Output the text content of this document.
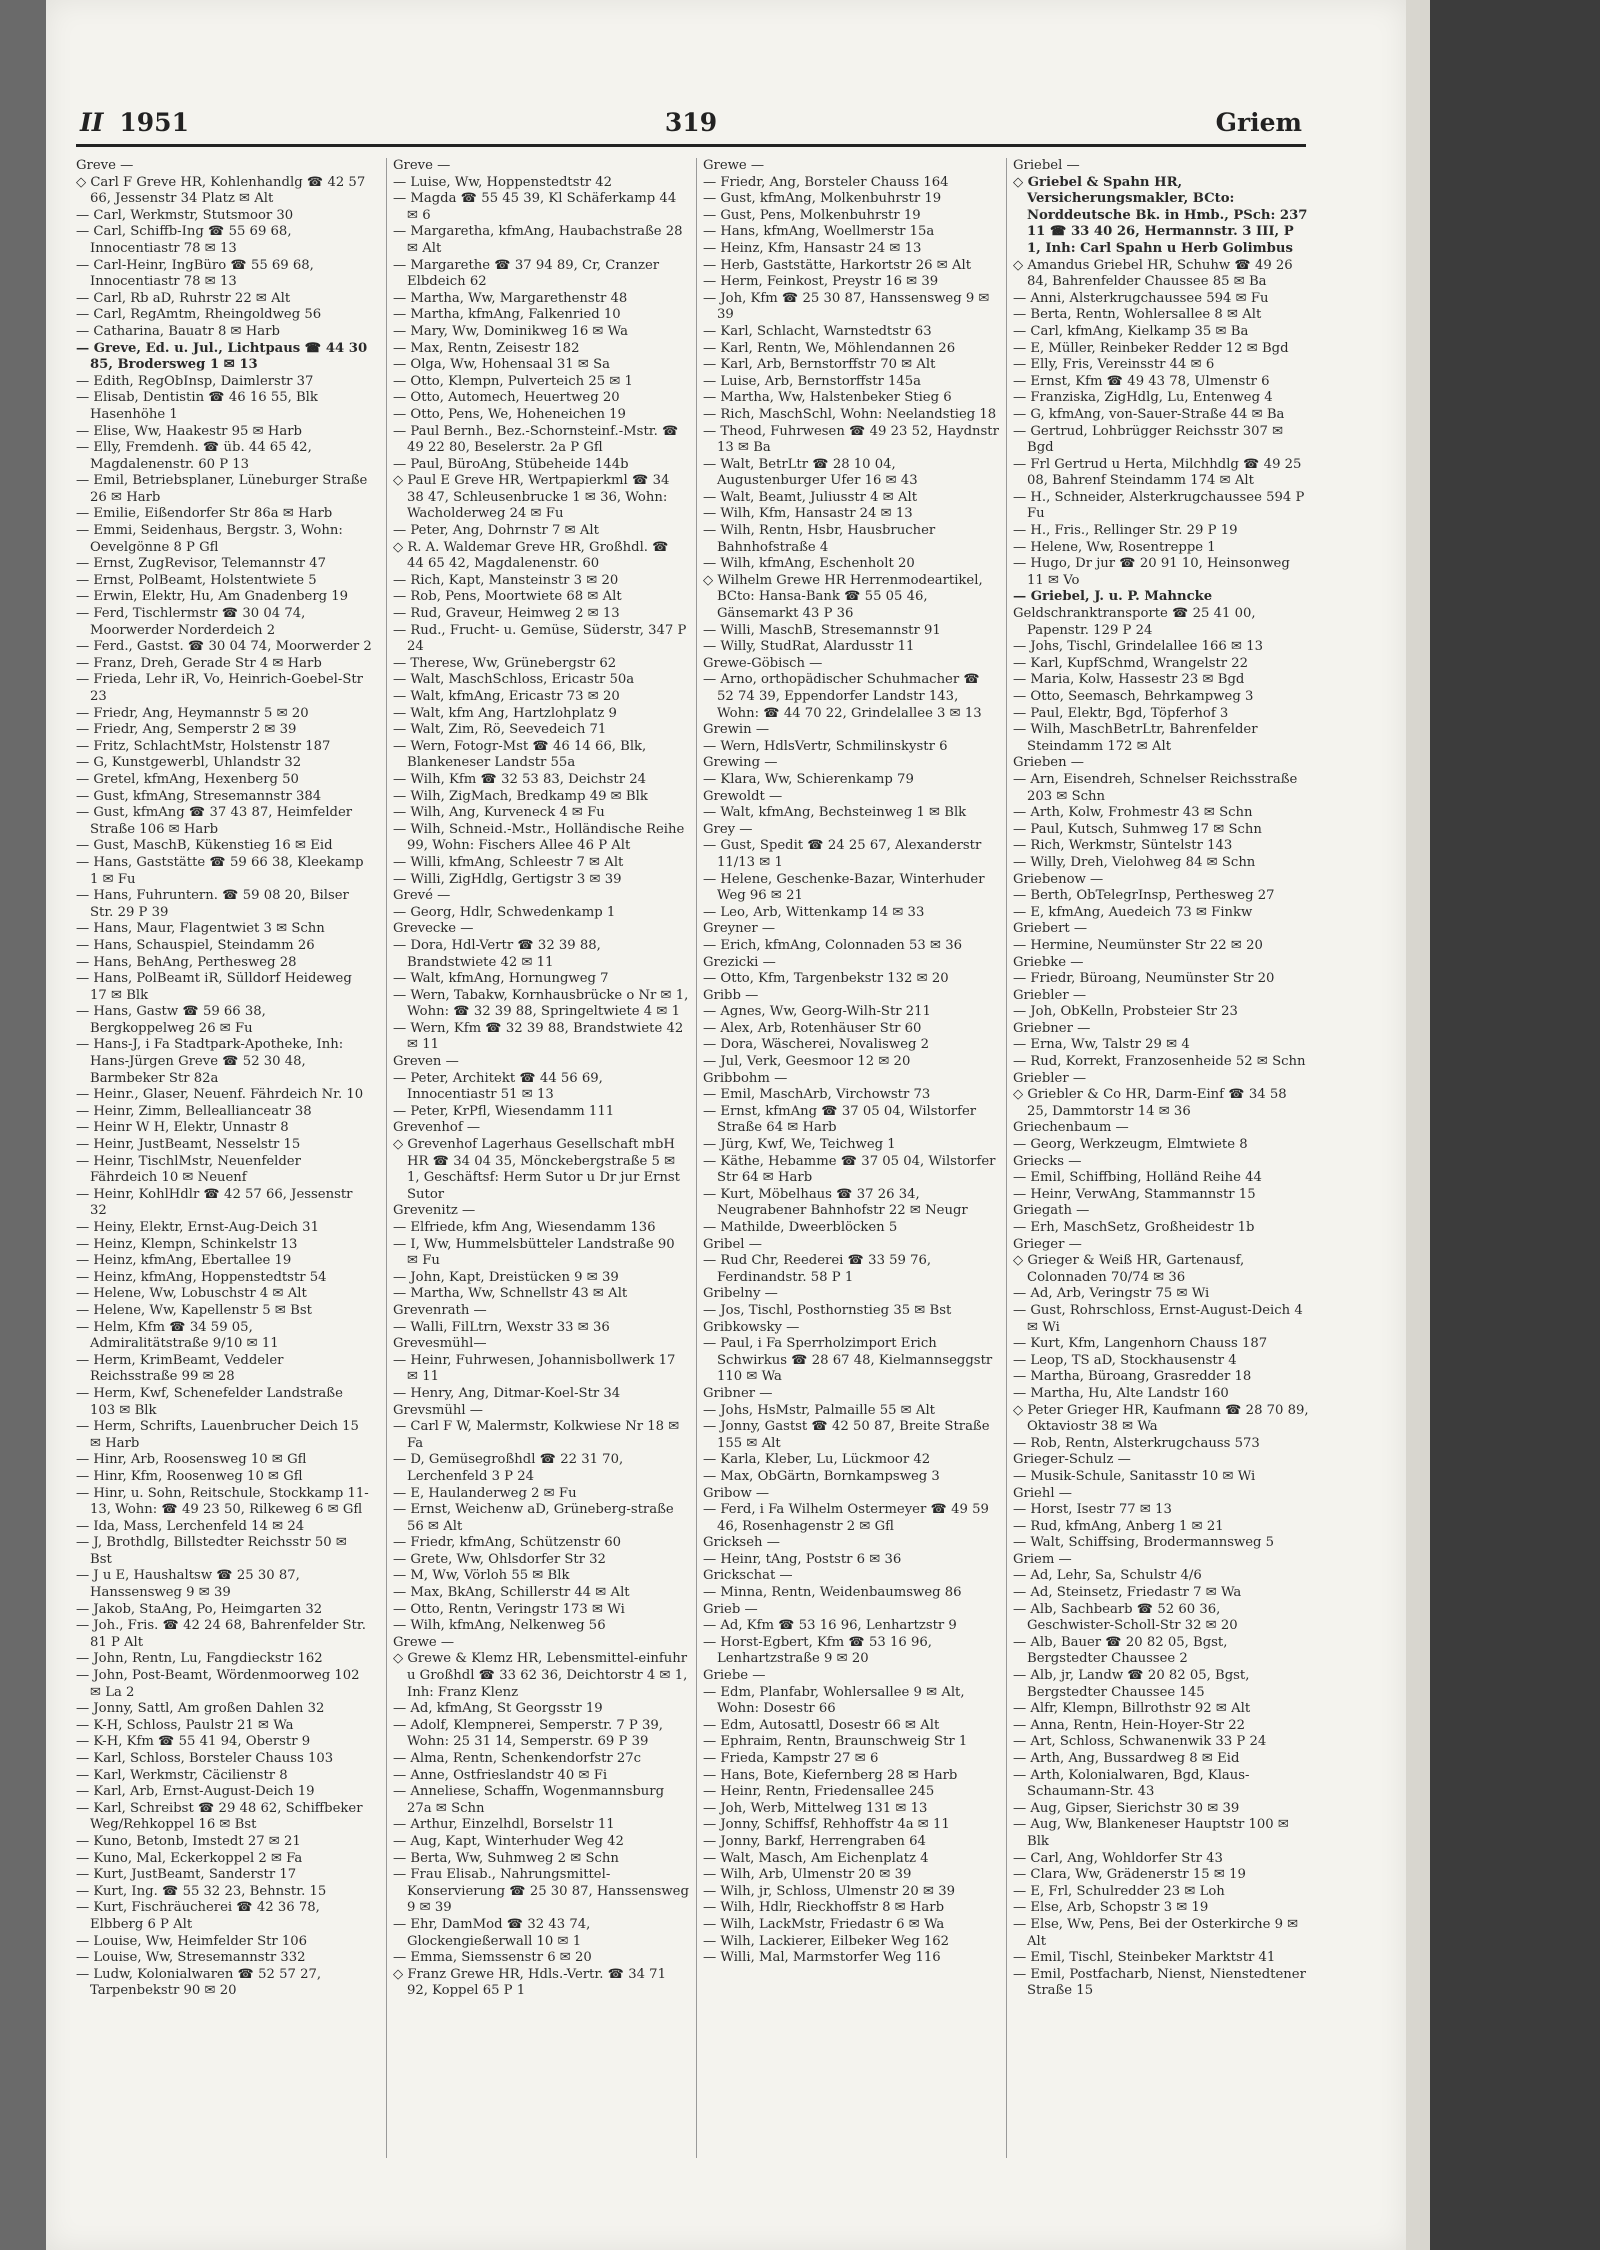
II 1951	319	Griem

Greve —

◇ Carl F Greve HR, Kohlenhandlg ☎ 42 57 66, Jessenstr 34 Platz ✉ Alt

— Carl, Werkmstr, Stutsmoor 30

— Carl, Schiffb-Ing ☎ 55 69 68, Innocentiastr 78 ✉ 13

— Carl-Heinr, IngBüro ☎ 55 69 68, Innocentiastr 78 ✉ 13

— Carl, Rb aD, Ruhrstr 22 ✉ Alt

— Carl, RegAmtm, Rheingoldweg 56

— Catharina, Bauatr 8 ✉ Harb

— Greve, Ed. u. Jul., Lichtpaus ☎ 44 30 85, Brodersweg 1 ✉ 13

— Edith, RegObInsp, Daimlerstr 37

— Elisab, Dentistin ☎ 46 16 55, Blk Hasenhöhe 1

— Elise, Ww, Haakestr 95 ✉ Harb

— Elly, Fremdenh. ☎ üb. 44 65 42, Magdalenenstr. 60 P 13

— Emil, Betriebsplaner, Lüneburger Straße 26 ✉ Harb

— Emilie, Eißendorfer Str 86a ✉ Harb

— Emmi, Seidenhaus, Bergstr. 3, Wohn: Oevelgönne 8 P Gfl

— Ernst, ZugRevisor, Telemannstr 47

— Ernst, PolBeamt, Holstentwiete 5

— Erwin, Elektr, Hu, Am Gnadenberg 19

— Ferd, Tischlermstr ☎ 30 04 74, Moorwerder Norderdeich 2

— Ferd., Gastst. ☎ 30 04 74, Moorwerder 2

— Franz, Dreh, Gerade Str 4 ✉ Harb

— Frieda, Lehr iR, Vo, Heinrich-Goebel-Str 23

— Friedr, Ang, Heymannstr 5 ✉ 20

— Friedr, Ang, Semperstr 2 ✉ 39

— Fritz, SchlachtMstr, Holstenstr 187

— G, Kunstgewerbl, Uhlandstr 32

— Gretel, kfmAng, Hexenberg 50

— Gust, kfmAng, Stresemannstr 384

— Gust, kfmAng ☎ 37 43 87, Heimfelder Straße 106 ✉ Harb

— Gust, MaschB, Kükenstieg 16 ✉ Eid

— Hans, Gaststätte ☎ 59 66 38, Kleekamp 1 ✉ Fu

— Hans, Fuhruntern. ☎ 59 08 20, Bilser Str. 29 P 39

— Hans, Maur, Flagentwiet 3 ✉ Schn

— Hans, Schauspiel, Steindamm 26

— Hans, BehAng, Perthesweg 28

— Hans, PolBeamt iR, Sülldorf Heideweg 17 ✉ Blk

— Hans, Gastw ☎ 59 66 38, Bergkoppelweg 26 ✉ Fu

— Hans-J, i Fa Stadtpark-Apotheke, Inh: Hans-Jürgen Greve ☎ 52 30 48, Barmbeker Str 82a

— Heinr., Glaser, Neuenf. Fährdeich Nr. 10

— Heinr, Zimm, Belleallianceatr 38

— Heinr W H, Elektr, Unnastr 8

— Heinr, JustBeamt, Nesselstr 15

— Heinr, TischlMstr, Neuenfelder Fährdeich 10 ✉ Neuenf

— Heinr, KohlHdlr ☎ 42 57 66, Jessenstr 32

— Heiny, Elektr, Ernst-Aug-Deich 31

— Heinz, Klempn, Schinkelstr 13

— Heinz, kfmAng, Ebertallee 19

— Heinz, kfmAng, Hoppenstedtstr 54

— Helene, Ww, Lobuschstr 4 ✉ Alt

— Helene, Ww, Kapellenstr 5 ✉ Bst

— Helm, Kfm ☎ 34 59 05, Admiralitätstraße 9/10 ✉ 11

— Herm, KrimBeamt, Veddeler Reichsstraße 99 ✉ 28

— Herm, Kwf, Schenefelder Landstraße 103 ✉ Blk

— Herm, Schrifts, Lauenbrucher Deich 15 ✉ Harb

— Hinr, Arb, Roosensweg 10 ✉ Gfl

— Hinr, Kfm, Roosenweg 10 ✉ Gfl

— Hinr, u. Sohn, Reitschule, Stockkamp 11-13, Wohn: ☎ 49 23 50, Rilkeweg 6 ✉ Gfl

— Ida, Mass, Lerchenfeld 14 ✉ 24

— J, Brothdlg, Billstedter Reichsstr 50 ✉ Bst

— J u E, Haushaltsw ☎ 25 30 87, Hanssensweg 9 ✉ 39

— Jakob, StaAng, Po, Heimgarten 32

— Joh., Fris. ☎ 42 24 68, Bahrenfelder Str. 81 P Alt

— John, Rentn, Lu, Fangdieckstr 162

— John, Post-Beamt, Wördenmoorweg 102 ✉ La 2

— Jonny, Sattl, Am großen Dahlen 32

— K-H, Schloss, Paulstr 21 ✉ Wa

— K-H, Kfm ☎ 55 41 94, Oberstr 9

— Karl, Schloss, Borsteler Chauss 103

— Karl, Werkmstr, Cäcilienstr 8

— Karl, Arb, Ernst-August-Deich 19

— Karl, Schreibst ☎ 29 48 62, Schiffbeker Weg/Rehkoppel 16 ✉ Bst

— Kuno, Betonb, Imstedt 27 ✉ 21

— Kuno, Mal, Eckerkoppel 2 ✉ Fa

— Kurt, JustBeamt, Sanderstr 17

— Kurt, Ing. ☎ 55 32 23, Behnstr. 15

— Kurt, Fischräucherei ☎ 42 36 78, Elbberg 6 P Alt

— Louise, Ww, Heimfelder Str 106

— Louise, Ww, Stresemannstr 332

— Ludw, Kolonialwaren ☎ 52 57 27, Tarpenbekstr 90 ✉ 20

Greve —

— Luise, Ww, Hoppenstedtstr 42

— Magda ☎ 55 45 39, Kl Schäferkamp 44 ✉ 6

— Margaretha, kfmAng, Haubachstraße 28 ✉ Alt

— Margarethe ☎ 37 94 89, Cr, Cranzer Elbdeich 62

— Martha, Ww, Margarethenstr 48

— Martha, kfmAng, Falkenried 10

— Mary, Ww, Dominikweg 16 ✉ Wa

— Max, Rentn, Zeisestr 182

— Olga, Ww, Hohensaal 31 ✉ Sa

— Otto, Klempn, Pulverteich 25 ✉ 1

— Otto, Automech, Heuertweg 20

— Otto, Pens, We, Hoheneichen 19

— Paul Bernh., Bez.-Schornsteinf.-Mstr. ☎ 49 22 80, Beselerstr. 2a P Gfl

— Paul, BüroAng, Stübeheide 144b

◇ Paul E Greve HR, Wertpapierkml ☎ 34 38 47, Schleusenbrucke 1 ✉ 36, Wohn: Wacholderweg 24 ✉ Fu

— Peter, Ang, Dohrnstr 7 ✉ Alt

◇ R. A. Waldemar Greve HR, Großhdl. ☎ 44 65 42, Magdalenenstr. 60

— Rich, Kapt, Mansteinstr 3 ✉ 20

— Rob, Pens, Moortwiete 68 ✉ Alt

— Rud, Graveur, Heimweg 2 ✉ 13

— Rud., Frucht- u. Gemüse, Süderstr, 347 P 24

— Therese, Ww, Grünebergstr 62

— Walt, MaschSchloss, Ericastr 50a

— Walt, kfmAng, Ericastr 73 ✉ 20

— Walt, kfm Ang, Hartzlohplatz 9

— Walt, Zim, Rö, Seevedeich 71

— Wern, Fotogr-Mst ☎ 46 14 66, Blk, Blankeneser Landstr 55a

— Wilh, Kfm ☎ 32 53 83, Deichstr 24

— Wilh, ZigMach, Bredkamp 49 ✉ Blk

— Wilh, Ang, Kurveneck 4 ✉ Fu

— Wilh, Schneid.-Mstr., Holländische Reihe 99, Wohn: Fischers Allee 46 P Alt

— Willi, kfmAng, Schleestr 7 ✉ Alt

— Willi, ZigHdlg, Gertigstr 3 ✉ 39

Grevé —

— Georg, Hdlr, Schwedenkamp 1

Grevecke —

— Dora, Hdl-Vertr ☎ 32 39 88, Brandstwiete 42 ✉ 11

— Walt, kfmAng, Hornungweg 7

— Wern, Tabakw, Kornhausbrücke o Nr ✉ 1, Wohn: ☎ 32 39 88, Springeltwiete 4 ✉ 1

— Wern, Kfm ☎ 32 39 88, Brandstwiete 42 ✉ 11

Greven —

— Peter, Architekt ☎ 44 56 69, Innocentiastr 51 ✉ 13

— Peter, KrPfl, Wiesendamm 111

Grevenhof —

◇ Grevenhof Lagerhaus Gesellschaft mbH HR ☎ 34 04 35, Mönckebergstraße 5 ✉ 1, Geschäftsf: Herm Sutor u Dr jur Ernst Sutor

Grevenitz —

— Elfriede, kfm Ang, Wiesendamm 136

— I, Ww, Hummelsbütteler Landstraße 90 ✉ Fu

— John, Kapt, Dreistücken 9 ✉ 39

— Martha, Ww, Schnellstr 43 ✉ Alt

Grevenrath —

— Walli, FilLtrn, Wexstr 33 ✉ 36

Grevesmühl—

— Heinr, Fuhrwesen, Johannisbollwerk 17 ✉ 11

— Henry, Ang, Ditmar-Koel-Str 34

Grevsmühl —

— Carl F W, Malermstr, Kolkwiese Nr 18 ✉ Fa

— D, Gemüsegroßhdl ☎ 22 31 70, Lerchenfeld 3 P 24

— E, Haulanderweg 2 ✉ Fu

— Ernst, Weichenw aD, Grüneberg-straße 56 ✉ Alt

— Friedr, kfmAng, Schützenstr 60

— Grete, Ww, Ohlsdorfer Str 32

— M, Ww, Vörloh 55 ✉ Blk

— Max, BkAng, Schillerstr 44 ✉ Alt

— Otto, Rentn, Veringstr 173 ✉ Wi

— Wilh, kfmAng, Nelkenweg 56

Grewe —

◇ Grewe & Klemz HR, Lebensmittel-einfuhr u Großhdl ☎ 33 62 36, Deichtorstr 4 ✉ 1, Inh: Franz Klenz

— Ad, kfmAng, St Georgsstr 19

— Adolf, Klempnerei, Semperstr. 7 P 39, Wohn: 25 31 14, Semperstr. 69 P 39

— Alma, Rentn, Schenkendorfstr 27c

— Anne, Ostfrieslandstr 40 ✉ Fi

— Anneliese, Schaffn, Wogenmannsburg 27a ✉ Schn

— Arthur, Einzelhdl, Borselstr 11

— Aug, Kapt, Winterhuder Weg 42

— Berta, Ww, Suhmweg 2 ✉ Schn

— Frau Elisab., Nahrungsmittel-Konservierung ☎ 25 30 87, Hanssensweg 9 ✉ 39

— Ehr, DamMod ☎ 32 43 74, Glockengießerwall 10 ✉ 1

— Emma, Siemssenstr 6 ✉ 20

◇ Franz Grewe HR, Hdls.-Vertr. ☎ 34 71 92, Koppel 65 P 1

Grewe —

— Friedr, Ang, Borsteler Chauss 164

— Gust, kfmAng, Molkenbuhrstr 19

— Gust, Pens, Molkenbuhrstr 19

— Hans, kfmAng, Woellmerstr 15a

— Heinz, Kfm, Hansastr 24 ✉ 13

— Herb, Gaststätte, Harkortstr 26 ✉ Alt

— Herm, Feinkost, Preystr 16 ✉ 39

— Joh, Kfm ☎ 25 30 87, Hanssensweg 9 ✉ 39

— Karl, Schlacht, Warnstedtstr 63

— Karl, Rentn, We, Möhlendannen 26

— Karl, Arb, Bernstorffstr 70 ✉ Alt

— Luise, Arb, Bernstorffstr 145a

— Martha, Ww, Halstenbeker Stieg 6

— Rich, MaschSchl, Wohn: Neelandstieg 18

— Theod, Fuhrwesen ☎ 49 23 52, Haydnstr 13 ✉ Ba

— Walt, BetrLtr ☎ 28 10 04, Augustenburger Ufer 16 ✉ 43

— Walt, Beamt, Juliusstr 4 ✉ Alt

— Wilh, Kfm, Hansastr 24 ✉ 13

— Wilh, Rentn, Hsbr, Hausbrucher Bahnhofstraße 4

— Wilh, kfmAng, Eschenholt 20

◇ Wilhelm Grewe HR Herrenmodeartikel, BCto: Hansa-Bank ☎ 55 05 46, Gänsemarkt 43 P 36

— Willi, MaschB, Stresemannstr 91

— Willy, StudRat, Alardusstr 11

Grewe-Göbisch —

— Arno, orthopädischer Schuhmacher ☎ 52 74 39, Eppendorfer Landstr 143, Wohn: ☎ 44 70 22, Grindelallee 3 ✉ 13

Grewin —

— Wern, HdlsVertr, Schmilinskystr 6

Grewing —

— Klara, Ww, Schierenkamp 79

Grewoldt —

— Walt, kfmAng, Bechsteinweg 1 ✉ Blk

Grey —

— Gust, Spedit ☎ 24 25 67, Alexanderstr 11/13 ✉ 1

— Helene, Geschenke-Bazar, Winterhuder Weg 96 ✉ 21

— Leo, Arb, Wittenkamp 14 ✉ 33

Greyner —

— Erich, kfmAng, Colonnaden 53 ✉ 36

Grezicki —

— Otto, Kfm, Targenbekstr 132 ✉ 20

Gribb —

— Agnes, Ww, Georg-Wilh-Str 211

— Alex, Arb, Rotenhäuser Str 60

— Dora, Wäscherei, Novalisweg 2

— Jul, Verk, Geesmoor 12 ✉ 20

Gribbohm —

— Emil, MaschArb, Virchowstr 73

— Ernst, kfmAng ☎ 37 05 04, Wilstorfer Straße 64 ✉ Harb

— Jürg, Kwf, We, Teichweg 1

— Käthe, Hebamme ☎ 37 05 04, Wilstorfer Str 64 ✉ Harb

— Kurt, Möbelhaus ☎ 37 26 34, Neugrabener Bahnhofstr 22 ✉ Neugr

— Mathilde, Dweerblöcken 5

Gribel —

— Rud Chr, Reederei ☎ 33 59 76, Ferdinandstr. 58 P 1

Gribelny —

— Jos, Tischl, Posthornstieg 35 ✉ Bst

Gribkowsky —

— Paul, i Fa Sperrholzimport Erich Schwirkus ☎ 28 67 48, Kielmannseggstr 110 ✉ Wa

Gribner —

— Johs, HsMstr, Palmaille 55 ✉ Alt

— Jonny, Gastst ☎ 42 50 87, Breite Straße 155 ✉ Alt

— Karla, Kleber, Lu, Lückmoor 42

— Max, ObGärtn, Bornkampsweg 3

Gribow —

— Ferd, i Fa Wilhelm Ostermeyer ☎ 49 59 46, Rosenhagenstr 2 ✉ Gfl

Grickseh —

— Heinr, tAng, Poststr 6 ✉ 36

Grickschat —

— Minna, Rentn, Weidenbaumsweg 86

Grieb —

— Ad, Kfm ☎ 53 16 96, Lenhartzstr 9

— Horst-Egbert, Kfm ☎ 53 16 96, Lenhartzstraße 9 ✉ 20

Griebe —

— Edm, Planfabr, Wohlersallee 9 ✉ Alt, Wohn: Dosestr 66

— Edm, Autosattl, Dosestr 66 ✉ Alt

— Ephraim, Rentn, Braunschweig Str 1

— Frieda, Kampstr 27 ✉ 6

— Hans, Bote, Kiefernberg 28 ✉ Harb

— Heinr, Rentn, Friedensallee 245

— Joh, Werb, Mittelweg 131 ✉ 13

— Jonny, Schiffsf, Rehhoffstr 4a ✉ 11

— Jonny, Barkf, Herrengraben 64

— Walt, Masch, Am Eichenplatz 4

— Wilh, Arb, Ulmenstr 20 ✉ 39

— Wilh, jr, Schloss, Ulmenstr 20 ✉ 39

— Wilh, Hdlr, Rieckhoffstr 8 ✉ Harb

— Wilh, LackMstr, Friedastr 6 ✉ Wa

— Wilh, Lackierer, Eilbeker Weg 162

— Willi, Mal, Marmstorfer Weg 116

Griebel —

◇ Griebel & Spahn HR, Versicherungsmakler, BCto: Norddeutsche Bk. in Hmb., PSch: 237 11 ☎ 33 40 26, Hermannstr. 3 III, P 1, Inh: Carl Spahn u Herb Golimbus

◇ Amandus Griebel HR, Schuhw ☎ 49 26 84, Bahrenfelder Chaussee 85 ✉ Ba

— Anni, Alsterkrugchaussee 594 ✉ Fu

— Berta, Rentn, Wohlersallee 8 ✉ Alt

— Carl, kfmAng, Kielkamp 35 ✉ Ba

— E, Müller, Reinbeker Redder 12 ✉ Bgd

— Elly, Fris, Vereinsstr 44 ✉ 6

— Ernst, Kfm ☎ 49 43 78, Ulmenstr 6

— Franziska, ZigHdlg, Lu, Entenweg 4

— G, kfmAng, von-Sauer-Straße 44 ✉ Ba

— Gertrud, Lohbrügger Reichsstr 307 ✉ Bgd

— Frl Gertrud u Herta, Milchhdlg ☎ 49 25 08, Bahrenf Steindamm 174 ✉ Alt

— H., Schneider, Alsterkrugchaussee 594 P Fu

— H., Fris., Rellinger Str. 29 P 19

— Helene, Ww, Rosentreppe 1

— Hugo, Dr jur ☎ 20 91 10, Heinsonweg 11 ✉ Vo

— Griebel, J. u. P. Mahncke

Geldschranktransporte ☎ 25 41 00, Papenstr. 129 P 24

— Johs, Tischl, Grindelallee 166 ✉ 13

— Karl, KupfSchmd, Wrangelstr 22

— Maria, Kolw, Hassestr 23 ✉ Bgd

— Otto, Seemasch, Behrkampweg 3

— Paul, Elektr, Bgd, Töpferhof 3

— Wilh, MaschBetrLtr, Bahrenfelder Steindamm 172 ✉ Alt

Grieben —

— Arn, Eisendreh, Schnelser Reichsstraße 203 ✉ Schn

— Arth, Kolw, Frohmestr 43 ✉ Schn

— Paul, Kutsch, Suhmweg 17 ✉ Schn

— Rich, Werkmstr, Süntelstr 143

— Willy, Dreh, Vielohweg 84 ✉ Schn

Griebenow —

— Berth, ObTelegrInsp, Perthesweg 27

— E, kfmAng, Auedeich 73 ✉ Finkw

Griebert —

— Hermine, Neumünster Str 22 ✉ 20

Griebke —

— Friedr, Büroang, Neumünster Str 20

Griebler —

— Joh, ObKelln, Probsteier Str 23

Griebner —

— Erna, Ww, Talstr 29 ✉ 4

— Rud, Korrekt, Franzosenheide 52 ✉ Schn

Griebler —

◇ Griebler & Co HR, Darm-Einf ☎ 34 58 25, Dammtorstr 14 ✉ 36

Griechenbaum —

— Georg, Werkzeugm, Elmtwiete 8

Griecks —

— Emil, Schiffbing, Holländ Reihe 44

— Heinr, VerwAng, Stammannstr 15

Griegath —

— Erh, MaschSetz, Großheidestr 1b

Grieger —

◇ Grieger & Weiß HR, Gartenausf, Colonnaden 70/74 ✉ 36

— Ad, Arb, Veringstr 75 ✉ Wi

— Gust, Rohrschloss, Ernst-August-Deich 4 ✉ Wi

— Kurt, Kfm, Langenhorn Chauss 187

— Leop, TS aD, Stockhausenstr 4

— Martha, Büroang, Grasredder 18

— Martha, Hu, Alte Landstr 160

◇ Peter Grieger HR, Kaufmann ☎ 28 70 89, Oktaviostr 38 ✉ Wa

— Rob, Rentn, Alsterkrugchauss 573

Grieger-Schulz —

— Musik-Schule, Sanitasstr 10 ✉ Wi

Griehl —

— Horst, Isestr 77 ✉ 13

— Rud, kfmAng, Anberg 1 ✉ 21

— Walt, Schiffsing, Brodermannsweg 5

Griem —

— Ad, Lehr, Sa, Schulstr 4/6

— Ad, Steinsetz, Friedastr 7 ✉ Wa

— Alb, Sachbearb ☎ 52 60 36, Geschwister-Scholl-Str 32 ✉ 20

— Alb, Bauer ☎ 20 82 05, Bgst, Bergstedter Chaussee 2

— Alb, jr, Landw ☎ 20 82 05, Bgst, Bergstedter Chaussee 145

— Alfr, Klempn, Billrothstr 92 ✉ Alt

— Anna, Rentn, Hein-Hoyer-Str 22

— Art, Schloss, Schwanenwik 33 P 24

— Arth, Ang, Bussardweg 8 ✉ Eid

— Arth, Kolonialwaren, Bgd, Klaus-Schaumann-Str. 43

— Aug, Gipser, Sierichstr 30 ✉ 39

— Aug, Ww, Blankeneser Hauptstr 100 ✉ Blk

— Carl, Ang, Wohldorfer Str 43

— Clara, Ww, Grädenerstr 15 ✉ 19

— E, Frl, Schulredder 23 ✉ Loh

— Else, Arb, Schopstr 3 ✉ 19

— Else, Ww, Pens, Bei der Osterkirche 9 ✉ Alt

— Emil, Tischl, Steinbeker Marktstr 41

— Emil, Postfacharb, Nienst, Nienstedtener Straße 15
